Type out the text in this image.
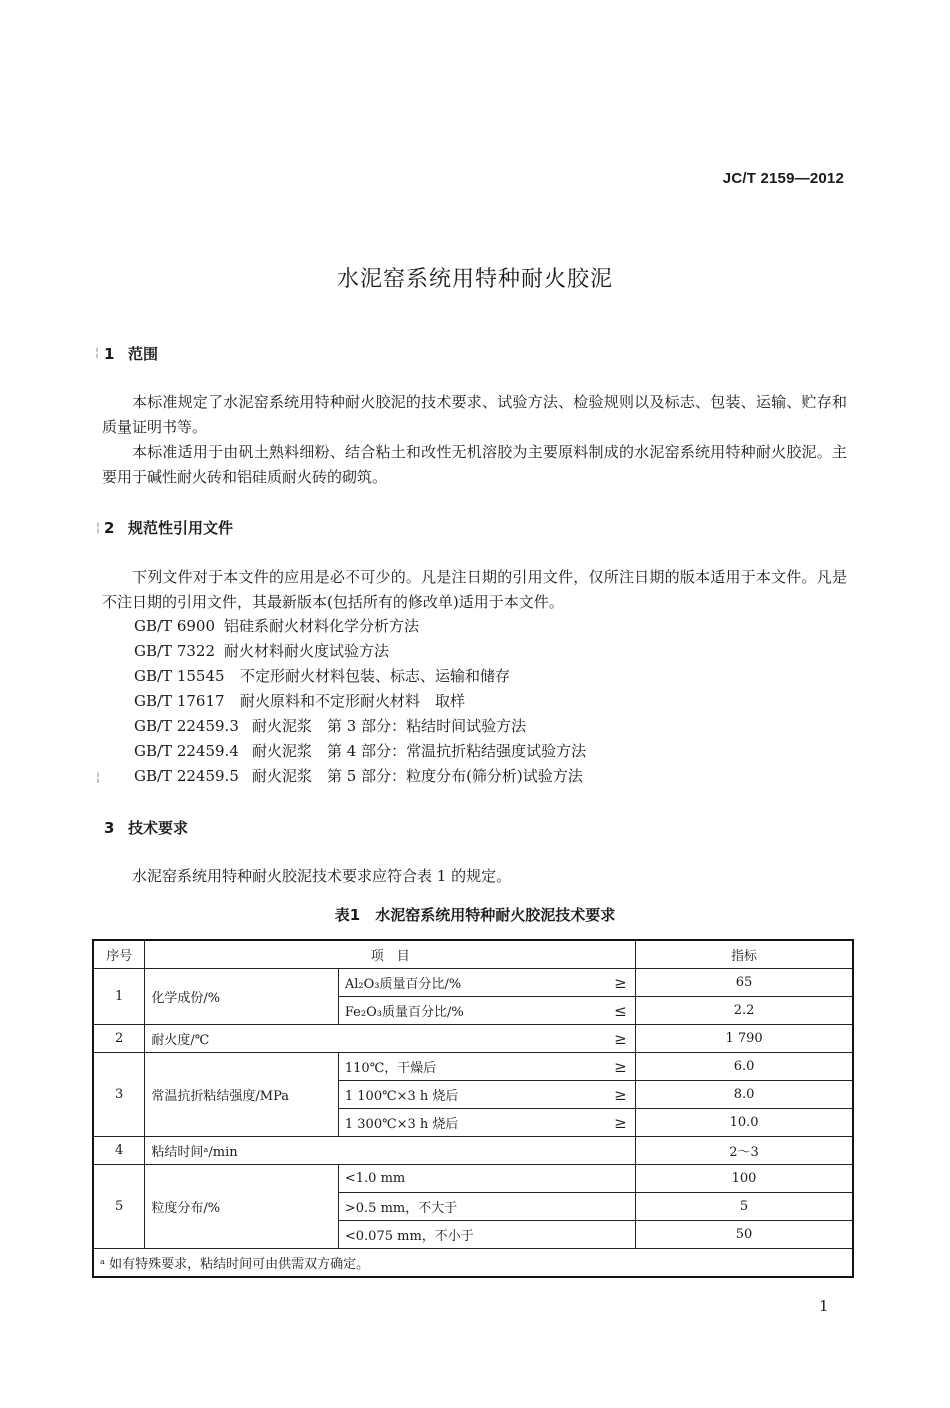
JC/T 2159—2012
水泥窑系统用特种耐火胶泥
1 范围
本标准规定了水泥窑系统用特种耐火胶泥的技术要求、试验方法、检验规则以及标志、包装、运输、贮存和质量证明书等。
本标准适用于由矾土熟料细粉、结合粘土和改性无机溶胶为主要原料制成的水泥窑系统用特种耐火胶泥。主要用于碱性耐火砖和铝硅质耐火砖的砌筑。
2 规范性引用文件
下列文件对于本文件的应用是必不可少的。凡是注日期的引用文件，仅所注日期的版本适用于本文件。凡是不注日期的引用文件，其最新版本(包括所有的修改单)适用于本文件。
GB/T 6900 铝硅系耐火材料化学分析方法
GB/T 7322 耐火材料耐火度试验方法
GB/T 15545 不定形耐火材料包装、标志、运输和储存
GB/T 17617 耐火原料和不定形耐火材料　取样
GB/T 22459.3 耐火泥浆　第 3 部分：粘结时间试验方法
GB/T 22459.4 耐火泥浆　第 4 部分：常温抗折粘结强度试验方法
GB/T 22459.5 耐火泥浆　第 5 部分：粒度分布(筛分析)试验方法
3 技术要求
水泥窑系统用特种耐火胶泥技术要求应符合表 1 的规定。
表1　水泥窑系统用特种耐火胶泥技术要求
序号	项　目			指标
1	化学成份/%	Al₂O₃质量百分比/%	≥	65
		Fe₂O₃质量百分比/%	≤	2.2
2	耐火度/℃		≥	1 790
3	常温抗折粘结强度/MPa	110℃，干燥后	≥	6.0
		1 100℃×3 h 烧后	≥	8.0
		1 300℃×3 h 烧后	≥	10.0
4	粘结时间ᵃ/min			2～3
5	粒度分布/%	<1.0 mm		100
		>0.5 mm，不大于		5
		<0.075 mm，不小于		50
ᵃ 如有特殊要求，粘结时间可由供需双方确定。				
1
¦
¦
¦
